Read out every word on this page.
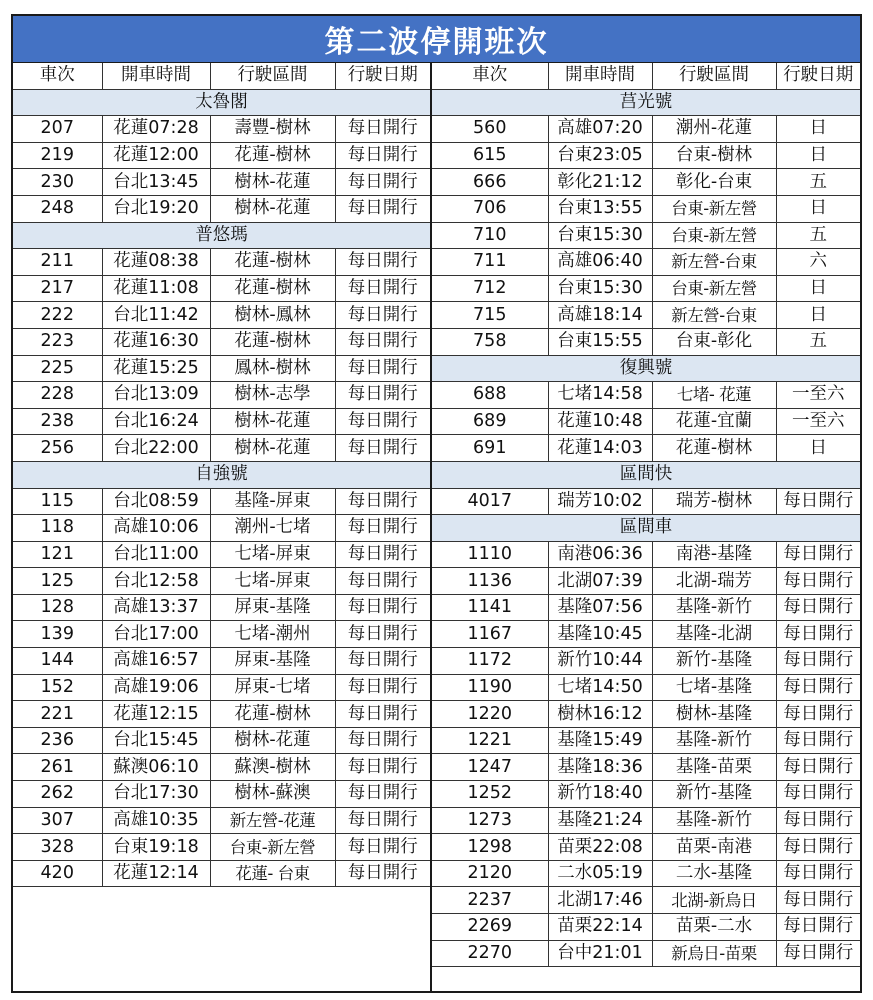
第二波停開班次
車次	開車時間	行駛區間	行駛日期
太魯閣			
207	花蓮07:28	壽豐-樹林	每日開行
219	花蓮12:00	花蓮-樹林	每日開行
230	台北13:45	樹林-花蓮	每日開行
248	台北19:20	樹林-花蓮	每日開行
普悠瑪			
211	花蓮08:38	花蓮-樹林	每日開行
217	花蓮11:08	花蓮-樹林	每日開行
222	台北11:42	樹林-鳳林	每日開行
223	花蓮16:30	花蓮-樹林	每日開行
225	花蓮15:25	鳳林-樹林	每日開行
228	台北13:09	樹林-志學	每日開行
238	台北16:24	樹林-花蓮	每日開行
256	台北22:00	樹林-花蓮	每日開行
自強號			
115	台北08:59	基隆-屏東	每日開行
118	高雄10:06	潮州-七堵	每日開行
121	台北11:00	七堵-屏東	每日開行
125	台北12:58	七堵-屏東	每日開行
128	高雄13:37	屏東-基隆	每日開行
139	台北17:00	七堵-潮州	每日開行
144	高雄16:57	屏東-基隆	每日開行
152	高雄19:06	屏東-七堵	每日開行
221	花蓮12:15	花蓮-樹林	每日開行
236	台北15:45	樹林-花蓮	每日開行
261	蘇澳06:10	蘇澳-樹林	每日開行
262	台北17:30	樹林-蘇澳	每日開行
307	高雄10:35	新左營-花蓮	每日開行
328	台東19:18	台東-新左營	每日開行
420	花蓮12:14	花蓮- 台東	每日開行

車次	開車時間	行駛區間	行駛日期
莒光號			
560	高雄07:20	潮州-花蓮	日
615	台東23:05	台東-樹林	日
666	彰化21:12	彰化-台東	五
706	台東13:55	台東-新左營	日
710	台東15:30	台東-新左營	五
711	高雄06:40	新左營-台東	六
712	台東15:30	台東-新左營	日
715	高雄18:14	新左營-台東	日
758	台東15:55	台東-彰化	五
復興號			
688	七堵14:58	七堵- 花蓮	一至六
689	花蓮10:48	花蓮-宜蘭	一至六
691	花蓮14:03	花蓮-樹林	日
區間快			
4017	瑞芳10:02	瑞芳-樹林	每日開行
區間車			
1110	南港06:36	南港-基隆	每日開行
1136	北湖07:39	北湖-瑞芳	每日開行
1141	基隆07:56	基隆-新竹	每日開行
1167	基隆10:45	基隆-北湖	每日開行
1172	新竹10:44	新竹-基隆	每日開行
1190	七堵14:50	七堵-基隆	每日開行
1220	樹林16:12	樹林-基隆	每日開行
1221	基隆15:49	基隆-新竹	每日開行
1247	基隆18:36	基隆-苗栗	每日開行
1252	新竹18:40	新竹-基隆	每日開行
1273	基隆21:24	基隆-新竹	每日開行
1298	苗栗22:08	苗栗-南港	每日開行
2120	二水05:19	二水-基隆	每日開行
2237	北湖17:46	北湖-新烏日	每日開行
2269	苗栗22:14	苗栗-二水	每日開行
2270	台中21:01	新烏日-苗栗	每日開行
